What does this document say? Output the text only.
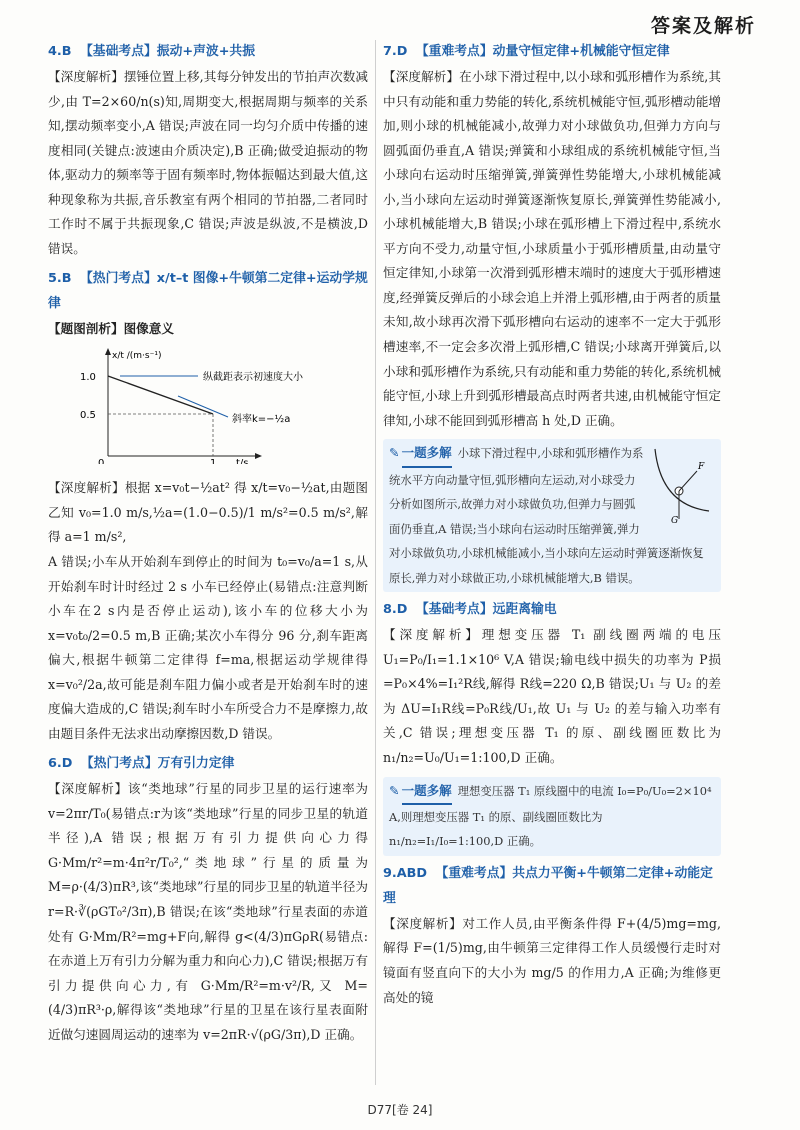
答案及解析
4.B 【基础考点】振动+声波+共振
【深度解析】摆锤位置上移,其每分钟发出的节拍声次数减少,由 T=2×60/n(s)知,周期变大,根据周期与频率的关系知,摆动频率变小,A 错误;声波在同一均匀介质中传播的速度相同(关键点:波速由介质决定),B 正确;做受迫振动的物体,驱动力的频率等于固有频率时,物体振幅达到最大值,这种现象称为共振,音乐教室有两个相同的节拍器,二者同时工作时不属于共振现象,C 错误;声波是纵波,不是横波,D 错误。
5.B 【热门考点】x/t–t 图像+牛顿第二定律+运动学规律
【题图剖析】图像意义
x/t /(m·s⁻¹)
1.0
0.5
0	1 t/s
纵截距表示初速度大小
斜率k=−½a
【深度解析】根据 x=v₀t−½at² 得 x/t=v₀−½at,由题图乙知 v₀=1.0 m/s,½a=(1.0−0.5)/1 m/s²=0.5 m/s²,解得 a=1 m/s²,
A 错误;小车从开始刹车到停止的时间为 t₀=v₀/a=1 s,从开始刹车时计时经过 2 s 小车已经停止(易错点:注意判断小车在2 s内是否停止运动),该小车的位移大小为 x=v₀t₀/2=0.5 m,B 正确;某次小车得分 96 分,刹车距离偏大,根据牛顿第二定律得 f=ma,根据运动学规律得 x=v₀²/2a,故可能是刹车阻力偏小或者是开始刹车时的速度偏大造成的,C 错误;刹车时小车所受合力不是摩擦力,故由题目条件无法求出动摩擦因数,D 错误。
6.D 【热门考点】万有引力定律
【深度解析】该“类地球”行星的同步卫星的运行速率为 v=2πr/T₀(易错点:r为该“类地球”行星的同步卫星的轨道半径),A 错误;根据万有引力提供向心力得 G·Mm/r²=m·4π²r/T₀²,“类地球”行星的质量为 M=ρ·(4/3)πR³,该“类地球”行星的同步卫星的轨道半径为 r=R·∛(ρGT₀²/3π),B 错误;在该“类地球”行星表面的赤道处有 G·Mm/R²=mg+F向,解得 g<(4/3)πGρR(易错点:在赤道上万有引力分解为重力和向心力),C 错误;根据万有引力提供向心力,有 G·Mm/R²=m·v²/R,又 M=(4/3)πR³·ρ,解得该“类地球”行星的卫星在该行星表面附近做匀速圆周运动的速率为 v=2πR·√(ρG/3π),D 正确。
7.D 【重难考点】动量守恒定律+机械能守恒定律
【深度解析】在小球下滑过程中,以小球和弧形槽作为系统,其中只有动能和重力势能的转化,系统机械能守恒,弧形槽动能增加,则小球的机械能减小,故弹力对小球做负功,但弹力方向与圆弧面仍垂直,A 错误;弹簧和小球组成的系统机械能守恒,当小球向右运动时压缩弹簧,弹簧弹性势能增大,小球机械能减小,当小球向左运动时弹簧逐渐恢复原长,弹簧弹性势能减小,小球机械能增大,B 错误;小球在弧形槽上下滑过程中,系统水平方向不受力,动量守恒,小球质量小于弧形槽质量,由动量守恒定律知,小球第一次滑到弧形槽末端时的速度大于弧形槽速度,经弹簧反弹后的小球会追上并滑上弧形槽,由于两者的质量未知,故小球再次滑下弧形槽向右运动的速率不一定大于弧形槽速率,不一定会多次滑上弧形槽,C 错误;小球离开弹簧后,以小球和弧形槽作为系统,只有动能和重力势能的转化,系统机械能守恒,小球上升到弧形槽最高点时两者共速,由机械能守恒定律知,小球不能回到弧形槽高 h 处,D 正确。
F
G
✎ 一题多解 小球下滑过程中,小球和弧形槽作为系统水平方向动量守恒,弧形槽向左运动,对小球受力分析如图所示,故弹力对小球做负功,但弹力与圆弧面仍垂直,A 错误;当小球向右运动时压缩弹簧,弹力对小球做负功,小球机械能减小,当小球向左运动时弹簧逐渐恢复原长,弹力对小球做正功,小球机械能增大,B 错误。
8.D 【基础考点】远距离输电
【深度解析】理想变压器 T₁ 副线圈两端的电压 U₁=P₀/I₁=1.1×10⁶ V,A 错误;输电线中损失的功率为 P损=P₀×4%=I₁²R线,解得 R线=220 Ω,B 错误;U₁ 与 U₂ 的差为 ΔU=I₁R线=P₀R线/U₁,故 U₁ 与 U₂ 的差与输入功率有关,C 错误;理想变压器 T₁ 的原、副线圈匝数比为 n₁/n₂=U₀/U₁=1:100,D 正确。
✎ 一题多解 理想变压器 T₁ 原线圈中的电流 I₀=P₀/U₀=2×10⁴ A,则理想变压器 T₁ 的原、副线圈匝数比为 n₁/n₂=I₁/I₀=1:100,D 正确。
9.ABD 【重难考点】共点力平衡+牛顿第二定律+动能定理
【深度解析】对工作人员,由平衡条件得 F+(4/5)mg=mg,解得 F=(1/5)mg,由牛顿第三定律得工作人员缓慢行走时对镜面有竖直向下的大小为 mg/5 的作用力,A 正确;为维修更高处的镜
D77[卷 24]
